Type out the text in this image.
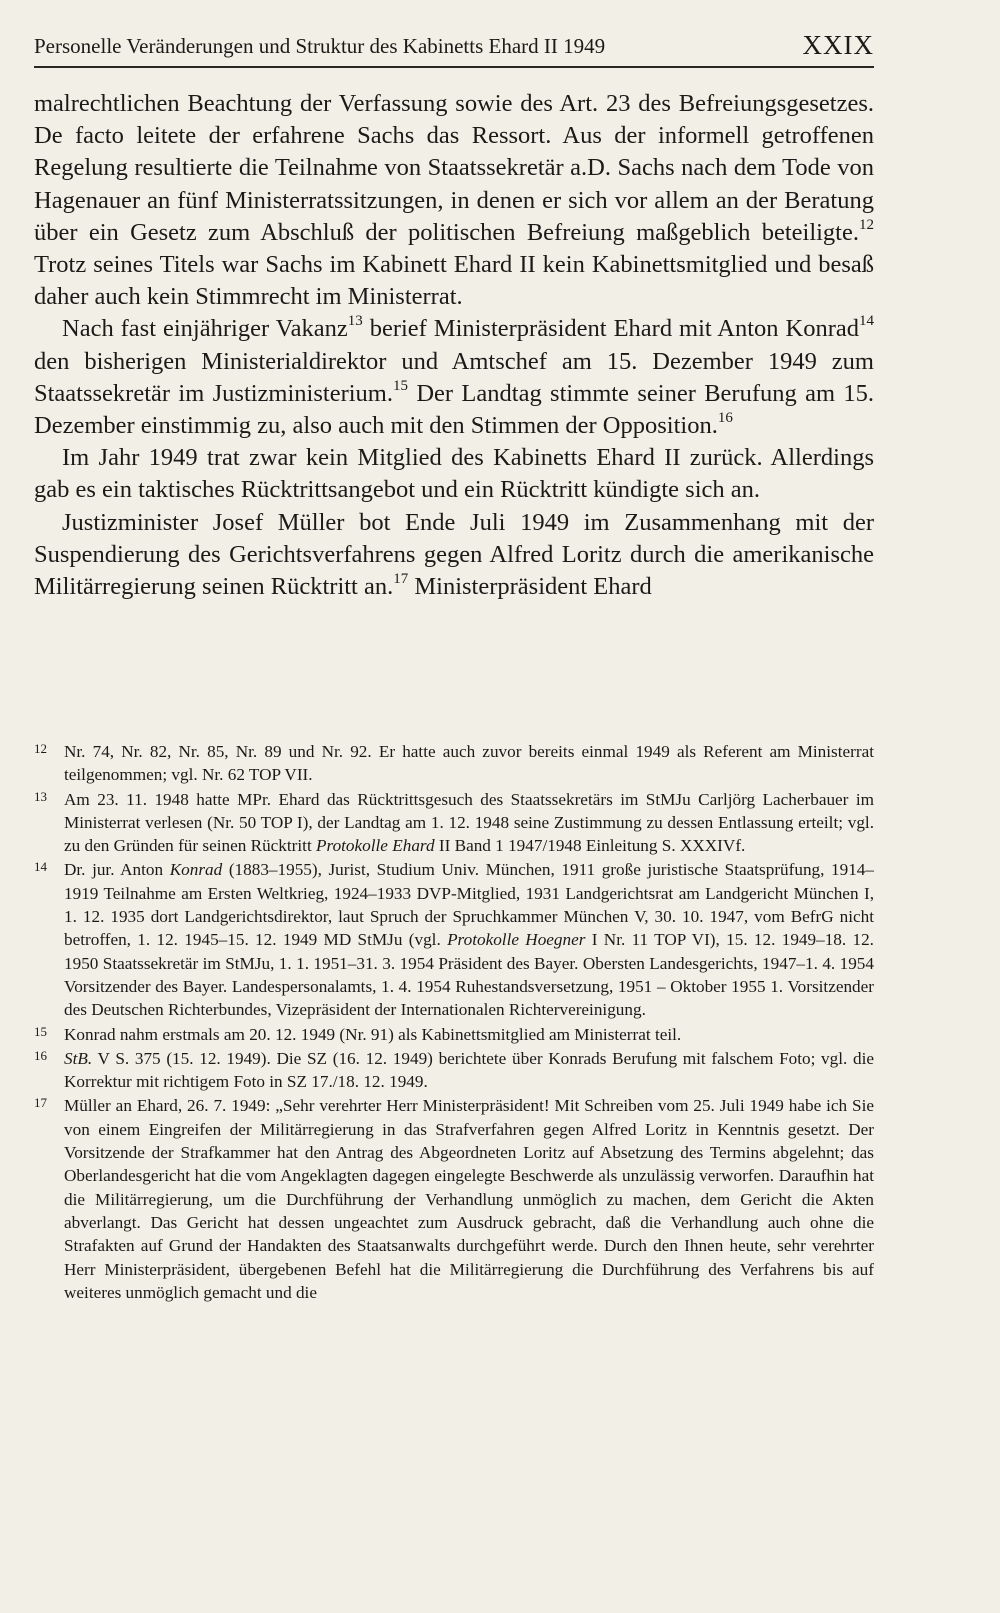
Personelle Veränderungen und Struktur des Kabinetts Ehard II 1949	XXIX

malrechtlichen Beachtung der Verfassung sowie des Art. 23 des Befreiungsgesetzes. De facto leitete der erfahrene Sachs das Ressort. Aus der informell getroffenen Regelung resultierte die Teilnahme von Staatssekretär a.D. Sachs nach dem Tode von Hagenauer an fünf Ministerratssitzungen, in denen er sich vor allem an der Beratung über ein Gesetz zum Abschluß der politischen Befreiung maßgeblich beteiligte.$^{12}$ Trotz seines Titels war Sachs im Kabinett Ehard II kein Kabinettsmitglied und besaß daher auch kein Stimmrecht im Ministerrat.

Nach fast einjähriger Vakanz$^{13}$ berief Ministerpräsident Ehard mit Anton Konrad$^{14}$ den bisherigen Ministerialdirektor und Amtschef am 15. Dezember 1949 zum Staatssekretär im Justizministerium.$^{15}$ Der Landtag stimmte seiner Berufung am 15. Dezember einstimmig zu, also auch mit den Stimmen der Opposition.$^{16}$

Im Jahr 1949 trat zwar kein Mitglied des Kabinetts Ehard II zurück. Allerdings gab es ein taktisches Rücktrittsangebot und ein Rücktritt kündigte sich an.

Justizminister Josef Müller bot Ende Juli 1949 im Zusammenhang mit der Suspendierung des Gerichtsverfahrens gegen Alfred Loritz durch die amerikanische Militärregierung seinen Rücktritt an.$^{17}$ Ministerpräsident Ehard

12 Nr. 74, Nr. 82, Nr. 85, Nr. 89 und Nr. 92. Er hatte auch zuvor bereits einmal 1949 als Referent am Ministerrat teilgenommen; vgl. Nr. 62 TOP VII.
13 Am 23. 11. 1948 hatte MPr. Ehard das Rücktrittsgesuch des Staatssekretärs im StMJu Carljörg Lacherbauer im Ministerrat verlesen (Nr. 50 TOP I), der Landtag am 1. 12. 1948 seine Zustimmung zu dessen Entlassung erteilt; vgl. zu den Gründen für seinen Rücktritt Protokolle Ehard II Band 1 1947/1948 Einleitung S. XXXIVf.
14 Dr. jur. Anton Konrad (1883–1955), Jurist, Studium Univ. München, 1911 große juristische Staatsprüfung, 1914–1919 Teilnahme am Ersten Weltkrieg, 1924–1933 DVP-Mitglied, 1931 Landgerichtsrat am Landgericht München I, 1. 12. 1935 dort Landgerichtsdirektor, laut Spruch der Spruchkammer München V, 30. 10. 1947, vom BefrG nicht betroffen, 1. 12. 1945–15. 12. 1949 MD StMJu (vgl. Protokolle Hoegner I Nr. 11 TOP VI), 15. 12. 1949–18. 12. 1950 Staatssekretär im StMJu, 1. 1. 1951–31. 3. 1954 Präsident des Bayer. Obersten Landesgerichts, 1947–1. 4. 1954 Vorsitzender des Bayer. Landespersonalamts, 1. 4. 1954 Ruhestandsversetzung, 1951 – Oktober 1955 1. Vorsitzender des Deutschen Richterbundes, Vizepräsident der Internationalen Richtervereinigung.
15 Konrad nahm erstmals am 20. 12. 1949 (Nr. 91) als Kabinettsmitglied am Ministerrat teil.
16 StB. V S. 375 (15. 12. 1949). Die SZ (16. 12. 1949) berichtete über Konrads Berufung mit falschem Foto; vgl. die Korrektur mit richtigem Foto in SZ 17./18. 12. 1949.
17 Müller an Ehard, 26. 7. 1949: „Sehr verehrter Herr Ministerpräsident! Mit Schreiben vom 25. Juli 1949 habe ich Sie von einem Eingreifen der Militärregierung in das Strafverfahren gegen Alfred Loritz in Kenntnis gesetzt. Der Vorsitzende der Strafkammer hat den Antrag des Abgeordneten Loritz auf Absetzung des Termins abgelehnt; das Oberlandesgericht hat die vom Angeklagten dagegen eingelegte Beschwerde als unzulässig verworfen. Daraufhin hat die Militärregierung, um die Durchführung der Verhandlung unmöglich zu machen, dem Gericht die Akten abverlangt. Das Gericht hat dessen ungeachtet zum Ausdruck gebracht, daß die Verhandlung auch ohne die Strafakten auf Grund der Handakten des Staatsanwalts durchgeführt werde. Durch den Ihnen heute, sehr verehrter Herr Ministerpräsident, übergebenen Befehl hat die Militärregierung die Durchführung des Verfahrens bis auf weiteres unmöglich gemacht und die
